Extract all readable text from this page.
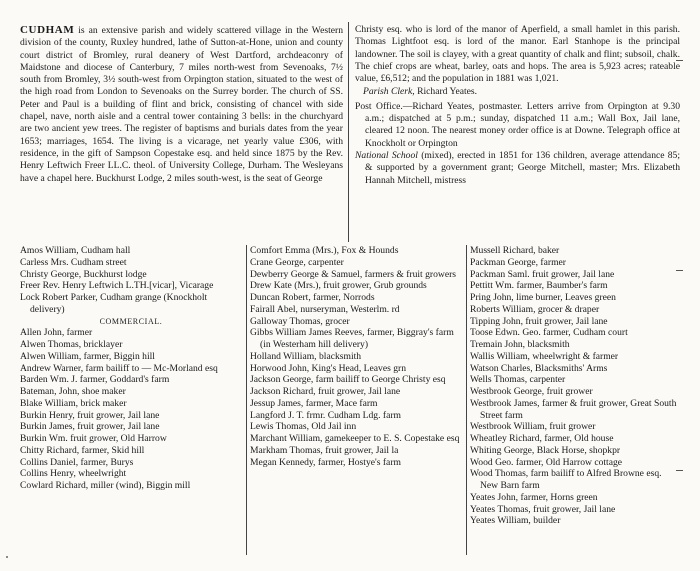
CUDHAM is an extensive parish and widely scattered village in the Western division of the county, Ruxley hundred, lathe of Sutton-at-Hone, union and county court district of Bromley, rural deanery of West Dartford, archdeaconry of Maidstone and diocese of Canterbury, 7 miles north-west from Sevenoaks, 7½ south from Bromley, 3½ south-west from Orpington station, situated to the west of the high road from London to Sevenoaks on the Surrey border. The church of SS. Peter and Paul is a building of flint and brick, consisting of chancel with side chapel, nave, north aisle and a central tower containing 3 bells: in the churchyard are two ancient yew trees. The register of baptisms and burials dates from the year 1653; marriages, 1654. The living is a vicarage, net yearly value £306, with residence, in the gift of Sampson Copestake esq. and held since 1875 by the Rev. Henry Leftwich Freer LL.C. theol. of University College, Durham. The Wesleyans have a chapel here. Buckhurst Lodge, 2 miles south-west, is the seat of George

Christy esq. who is lord of the manor of Aperfield, a small hamlet in this parish. Thomas Lightfoot esq. is lord of the manor. Earl Stanhope is the principal landowner. The soil is clayey, with a great quantity of chalk and flint; subsoil, chalk. The chief crops are wheat, barley, oats and hops. The area is 5,923 acres; rateable value, £6,512; and the population in 1881 was 1,021.

Parish Clerk, Richard Yeates.

Post Office.—Richard Yeates, postmaster. Letters arrive from Orpington at 9.30 a.m.; dispatched at 5 p.m.; sunday, dispatched 11 a.m.; Wall Box, Jail lane, cleared 12 noon. The nearest money order office is at Downe. Telegraph office at Knockholt or Orpington

National School (mixed), erected in 1851 for 136 children, average attendance 85; & supported by a government grant; George Mitchell, master; Mrs. Elizabeth Hannah Mitchell, mistress

Amos William, Cudham hall
Carless Mrs. Cudham street
Christy George, Buckhurst lodge
Freer Rev. Henry Leftwich L.TH.[vicar], Vicarage
Lock Robert Parker, Cudham grange (Knockholt delivery)
COMMERCIAL.
Allen John, farmer
Alwen Thomas, bricklayer
Alwen William, farmer, Biggin hill
Andrew Warner, farm bailiff to — Mc-Morland esq
Barden Wm. J. farmer, Goddard's farm
Bateman, John, shoe maker
Blake William, brick maker
Burkin Henry, fruit grower, Jail lane
Burkin James, fruit grower, Jail lane
Burkin Wm. fruit grower, Old Harrow
Chitty Richard, farmer, Skid hill
Collins Daniel, farmer, Burys
Collins Henry, wheelwright
Cowlard Richard, miller (wind), Biggin mill
Comfort Emma (Mrs.), Fox & Hounds
Crane George, carpenter
Dewberry George & Samuel, farmers & fruit growers
Drew Kate (Mrs.), fruit grower, Grub grounds
Duncan Robert, farmer, Norrods
Fairall Abel, nurseryman, Westerlm. rd
Galloway Thomas, grocer
Gibbs William James Reeves, farmer, Biggray's farm (in Westerham hill delivery)
Holland William, blacksmith
Horwood John, King's Head, Leaves grn
Jackson George, farm bailiff to George Christy esq
Jackson Richard, fruit grower, Jail lane
Jessup James, farmer, Mace farm
Langford J. T. frmr. Cudham Ldg. farm
Lewis Thomas, Old Jail inn
Marchant William, gamekeeper to E. S. Copestake esq
Markham Thomas, fruit grower, Jail la
Megan Kennedy, farmer, Hostye's farm
Mussell Richard, baker
Packman George, farmer
Packman Saml. fruit grower, Jail lane
Pettitt Wm. farmer, Baumber's farm
Pring John, lime burner, Leaves green
Roberts William, grocer & draper
Tipping John, fruit grower, Jail lane
Toose Edwn. Geo. farmer, Cudham court
Tremain John, blacksmith
Wallis William, wheelwright & farmer
Watson Charles, Blacksmiths' Arms
Wells Thomas, carpenter
Westbrook George, fruit grower
Westbrook James, farmer & fruit grower, Great South Street farm
Westbrook William, fruit grower
Wheatley Richard, farmer, Old house
Whiting George, Black Horse, shopkpr
Wood Geo. farmer, Old Harrow cottage
Wood Thomas, farm bailiff to Alfred Browne esq. New Barn farm
Yeates John, farmer, Horns green
Yeates Thomas, fruit grower, Jail lane
Yeates William, builder
